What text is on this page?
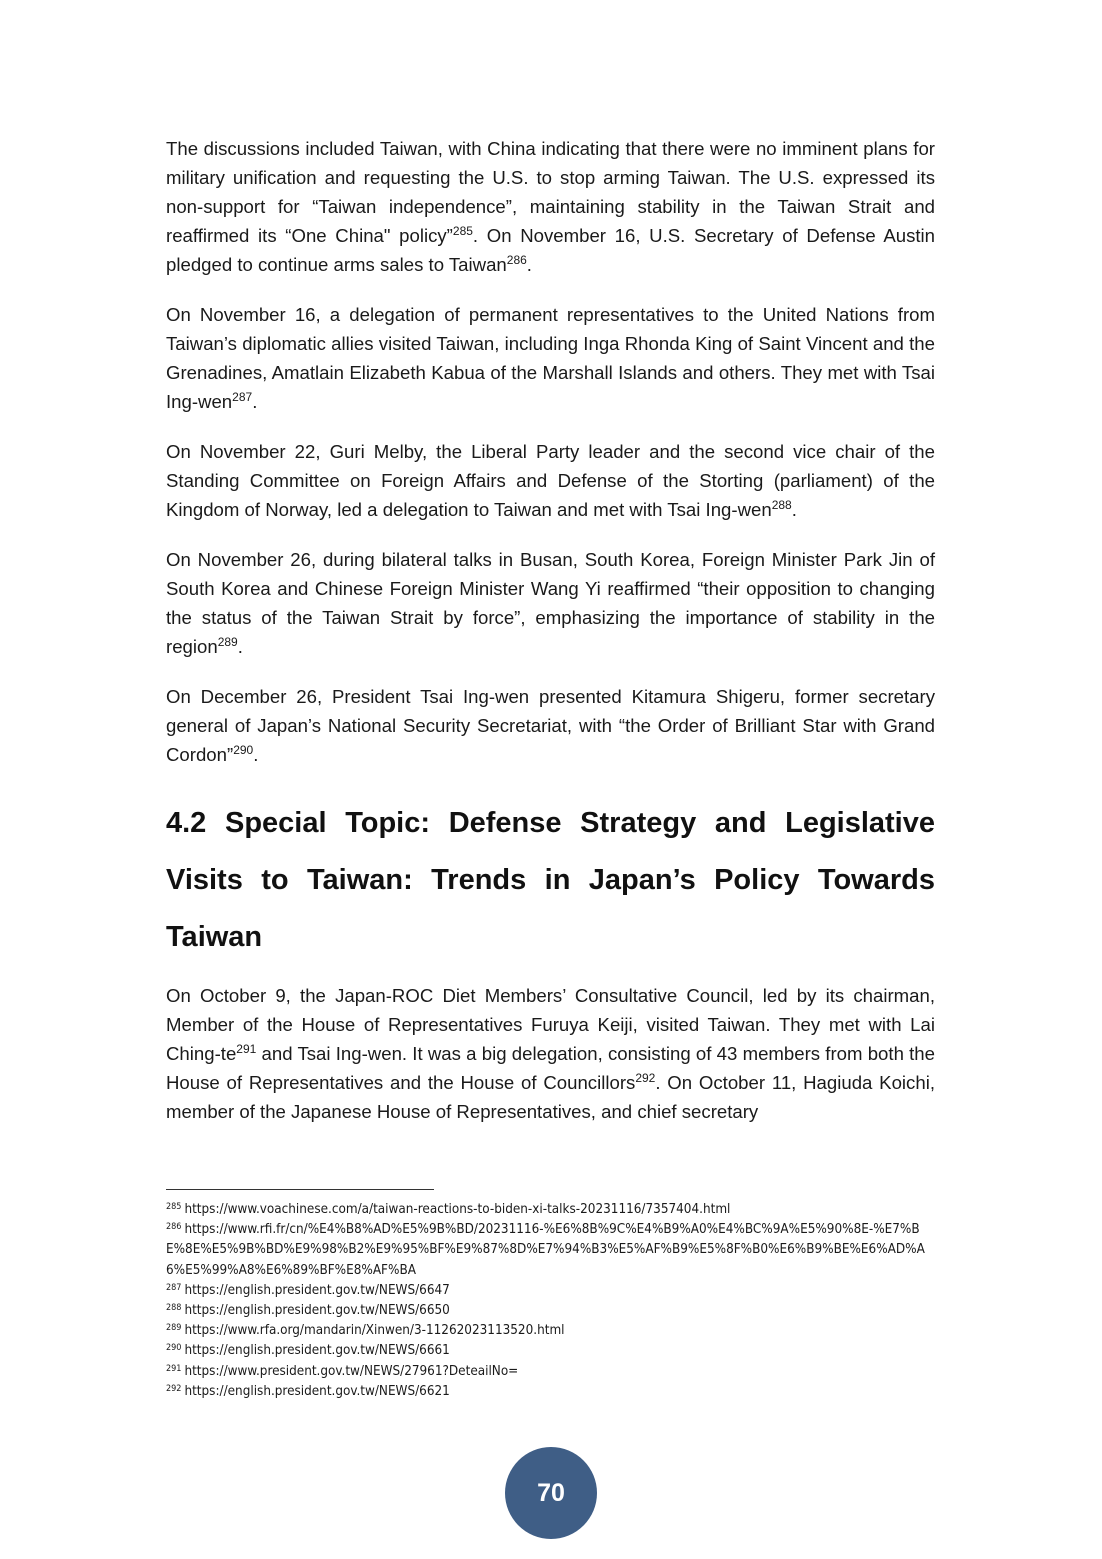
The discussions included Taiwan, with China indicating that there were no imminent plans for military unification and requesting the U.S. to stop arming Taiwan. The U.S. expressed its non-support for “Taiwan independence”, maintaining stability in the Taiwan Strait and reaffirmed its “One China" policy”$^{285}$. On November 16, U.S. Secretary of Defense Austin pledged to continue arms sales to Taiwan$^{286}$.

On November 16, a delegation of permanent representatives to the United Nations from Taiwan’s diplomatic allies visited Taiwan, including Inga Rhonda King of Saint Vincent and the Grenadines, Amatlain Elizabeth Kabua of the Marshall Islands and others. They met with Tsai Ing-wen$^{287}$.

On November 22, Guri Melby, the Liberal Party leader and the second vice chair of the Standing Committee on Foreign Affairs and Defense of the Storting (parliament) of the Kingdom of Norway, led a delegation to Taiwan and met with Tsai Ing-wen$^{288}$.

On November 26, during bilateral talks in Busan, South Korea, Foreign Minister Park Jin of South Korea and Chinese Foreign Minister Wang Yi reaffirmed “their opposition to changing the status of the Taiwan Strait by force”, emphasizing the importance of stability in the region$^{289}$.

On December 26, President Tsai Ing-wen presented Kitamura Shigeru, former secretary general of Japan’s National Security Secretariat, with “the Order of Brilliant Star with Grand Cordon”$^{290}$.

4.2 Special Topic: Defense Strategy and Legislative Visits to Taiwan: Trends in Japan’s Policy Towards Taiwan

On October 9, the Japan-ROC Diet Members’ Consultative Council, led by its chairman, Member of the House of Representatives Furuya Keiji, visited Taiwan. They met with Lai Ching-$te^{291}$ and Tsai Ing-wen. It was a big delegation, consisting of 43 members from both the House of Representatives and the House of Councillors$^{292}$. On October 11, Hagiuda Koichi, member of the Japanese House of Representatives, and chief secretary

$^{285}$ https://www.voachinese.com/a/taiwan-reactions-to-biden-xi-talks-20231116/7357404.html

$^{286}$ https://www.rfi.fr/cn/%E4%B8%AD%E5%9B%BD/20231116-%E6%8B%9C%E4%B9%A0%E4%BC%9A%E5%90%8E-%E7%BE%8E%E5%9B%BD%E9%98%B2%E9%95%BF%E9%87%8D%E7%94%B3%E5%AF%B9%E5%8F%B0%E6%B9%BE%E6%AD%A6%E5%99%A8%E6%89%BF%E8%AF%BA

$^{287}$ https://english.president.gov.tw/NEWS/6647

$^{288}$ https://english.president.gov.tw/NEWS/6650

$^{289}$ https://www.rfa.org/mandarin/Xinwen/3-11262023113520.html

$^{290}$ https://english.president.gov.tw/NEWS/6661

$^{291}$ https://www.president.gov.tw/NEWS/27961?DeteailNo=

$^{292}$ https://english.president.gov.tw/NEWS/6621

70
